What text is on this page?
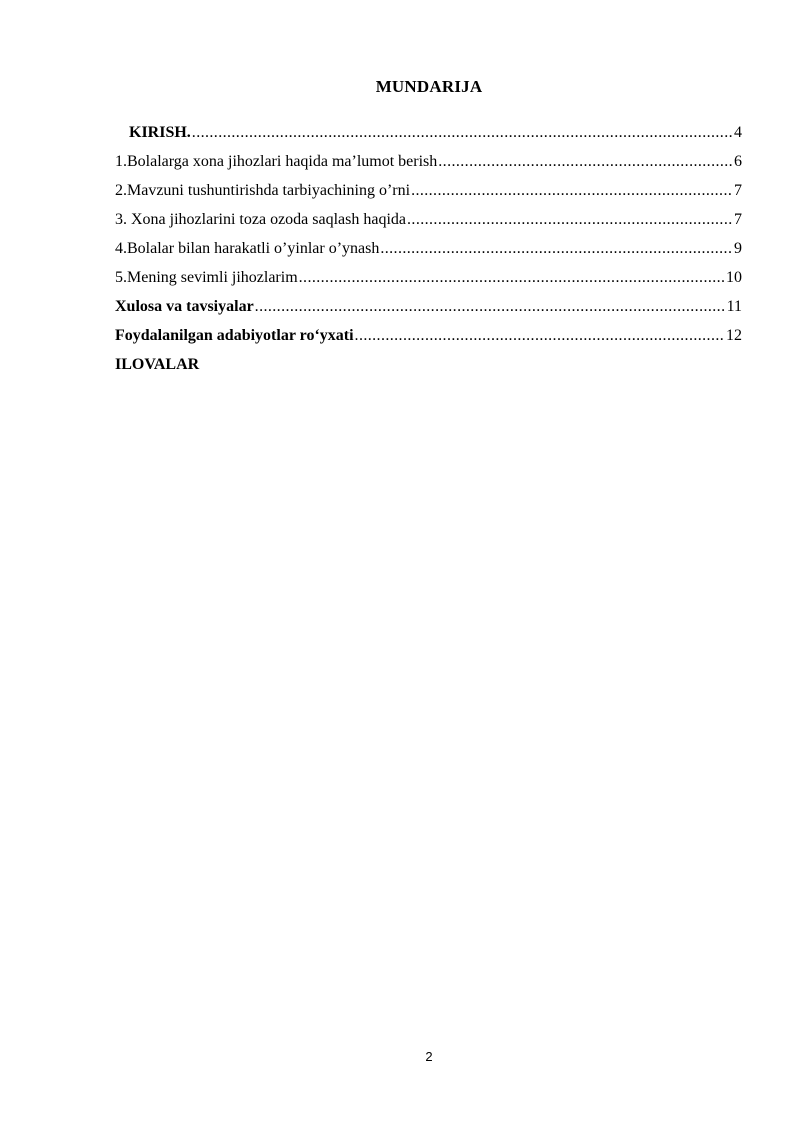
MUNDARIJA
KIRISH. .....	4
1.Bolalarga xona jihozlari haqida ma’lumot berish .....	6
2.Mavzuni tushuntirishda tarbiyachining o’rni .....	7
3. Xona jihozlarini toza ozoda saqlash haqida .....	7
4.Bolalar bilan harakatli o’yinlar o’ynash .....	9
5.Mening sevimli jihozlarim .....	10
Xulosa va tavsiyalar .....	11
Foydalanilgan adabiyotlar ro‘yxati .....	12
ILOVALAR
2
